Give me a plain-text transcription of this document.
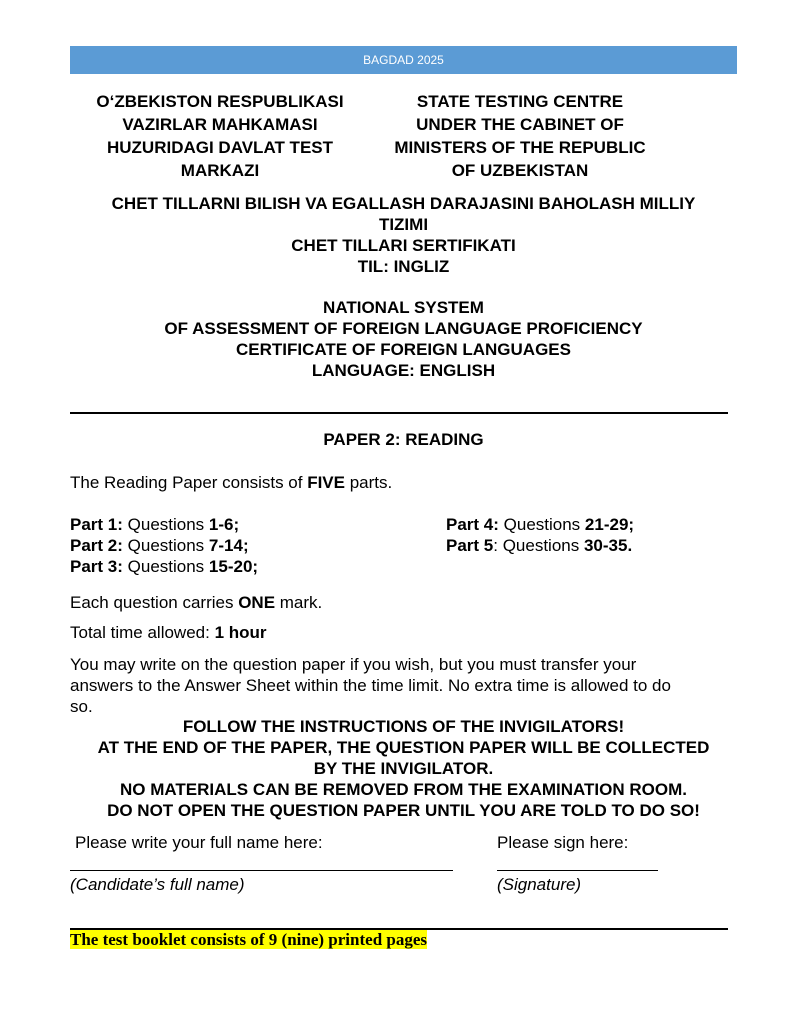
BAGDAD 2025
O‘ZBEKISTON RESPUBLIKASI
VAZIRLAR MAHKAMASI
HUZURIDAGI DAVLAT TEST
MARKAZI
STATE TESTING CENTRE
UNDER THE CABINET OF
MINISTERS OF THE REPUBLIC
OF UZBEKISTAN
CHET TILLARNI BILISH VA EGALLASH DARAJASINI BAHOLASH MILLIY
TIZIMI
CHET TILLARI SERTIFIKATI
TIL: INGLIZ
NATIONAL SYSTEM
OF ASSESSMENT OF FOREIGN LANGUAGE PROFICIENCY
CERTIFICATE OF FOREIGN LANGUAGES
LANGUAGE: ENGLISH
PAPER 2: READING
The Reading Paper consists of FIVE parts.
Part 1: Questions 1-6;
Part 2: Questions 7-14;
Part 3: Questions 15-20;
Part 4: Questions 21-29;
Part 5: Questions 30-35.
Each question carries ONE mark.
Total time allowed: 1 hour
You may write on the question paper if you wish, but you must transfer your
answers to the Answer Sheet within the time limit. No extra time is allowed to do
so.
FOLLOW THE INSTRUCTIONS OF THE INVIGILATORS!
AT THE END OF THE PAPER, THE QUESTION PAPER WILL BE COLLECTED
BY THE INVIGILATOR.
NO MATERIALS CAN BE REMOVED FROM THE EXAMINATION ROOM.
DO NOT OPEN THE QUESTION PAPER UNTIL YOU ARE TOLD TO DO SO!
Please write your full name here:	Please sign here:
(Candidate’s full name)	(Signature)
The test booklet consists of 9 (nine) printed pages
